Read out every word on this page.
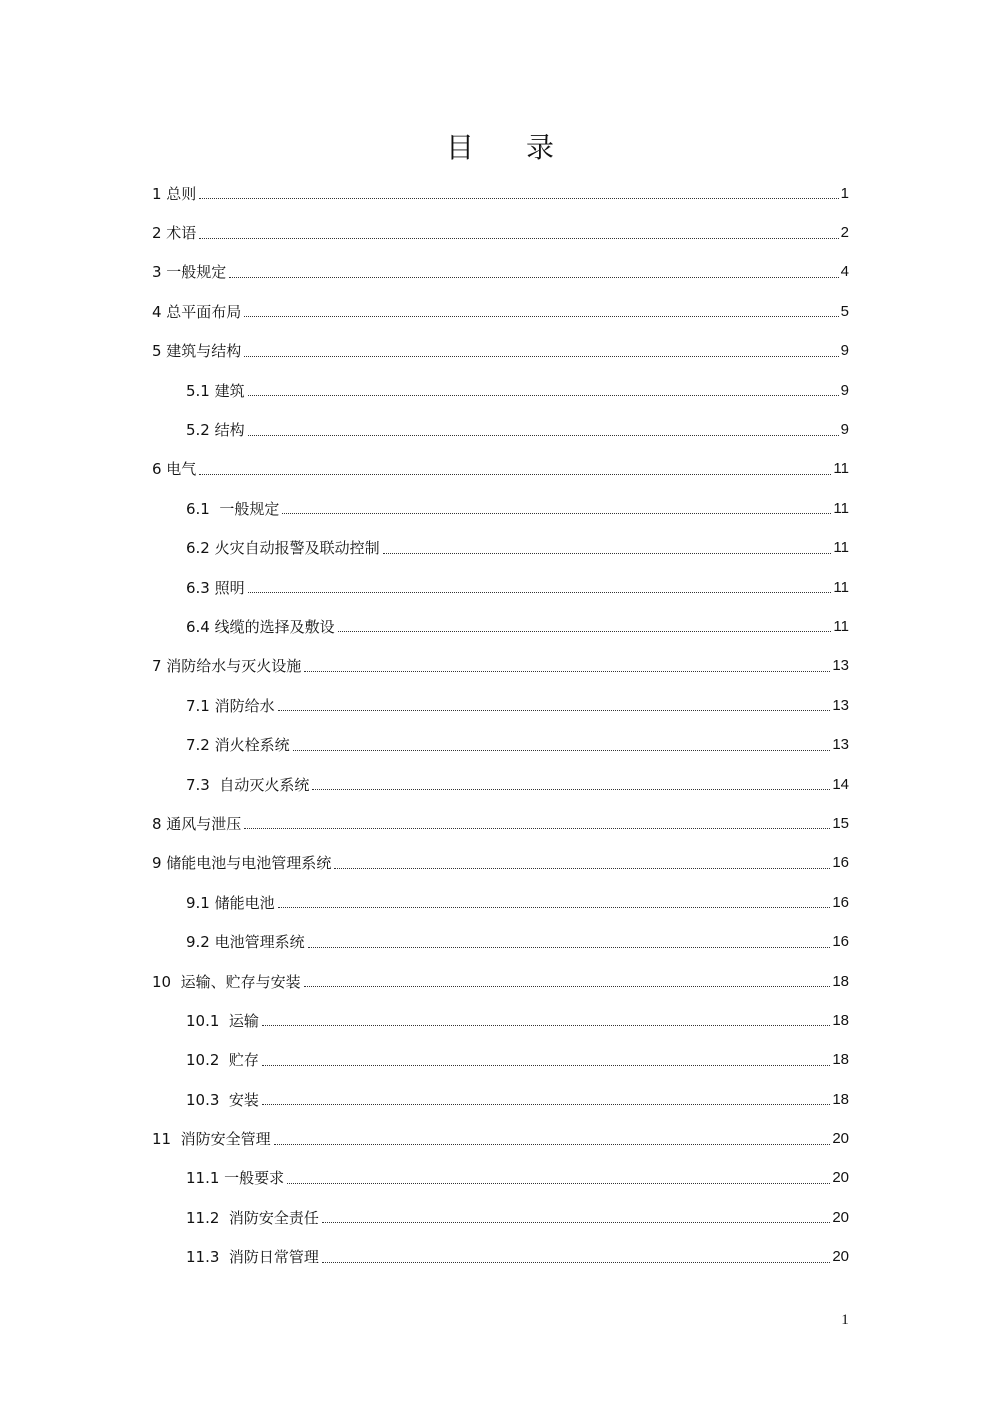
目 录
1 总则	1
2 术语	2
3 一般规定	4
4 总平面布局	5
5 建筑与结构	9
5.1 建筑	9
5.2 结构	9
6 电气	11
6.1  一般规定	11
6.2 火灾自动报警及联动控制	11
6.3 照明	11
6.4 线缆的选择及敷设	11
7 消防给水与灭火设施	13
7.1 消防给水	13
7.2 消火栓系统	13
7.3  自动灭火系统	14
8 通风与泄压	15
9 储能电池与电池管理系统	16
9.1 储能电池	16
9.2 电池管理系统	16
10  运输、贮存与安装	18
10.1  运输	18
10.2  贮存	18
10.3  安装	18
11  消防安全管理	20
11.1 一般要求	20
11.2  消防安全责任	20
11.3  消防日常管理	20
1
